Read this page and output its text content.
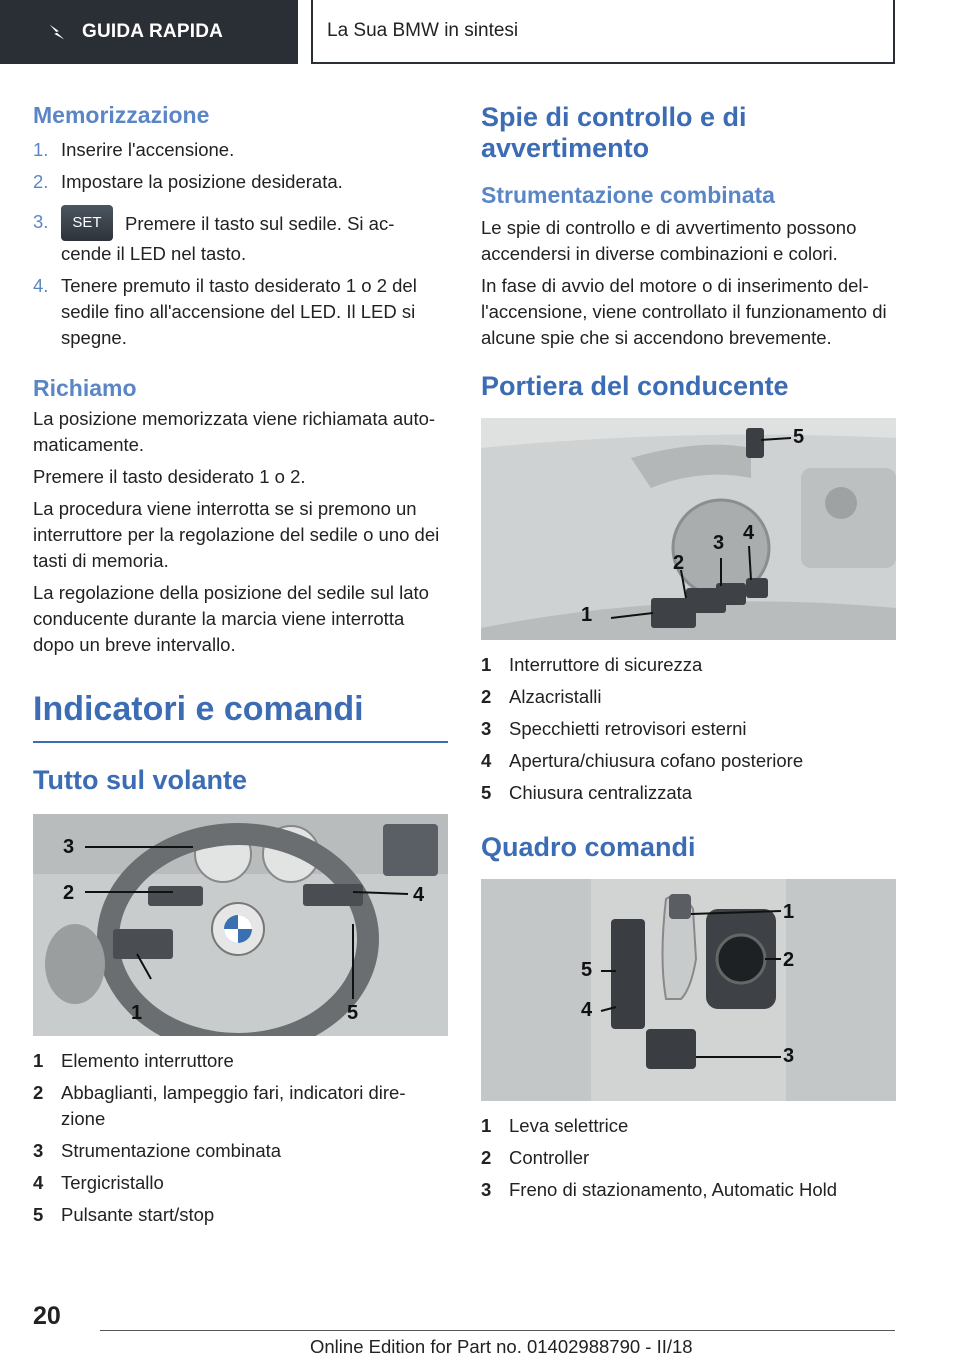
GUIDA RAPIDA	La Sua BMW in sintesi
Memorizzazione
1. Inserire l'accensione.
2. Impostare la posizione desiderata.
3.	SET Premere il tasto sul sedile. Si ac- cende il LED nel tasto.
4. Tenere premuto il tasto desiderato 1 o 2 del sedile fino all'accensione del LED. Il LED si spegne.
Richiamo

La posizione memorizzata viene richiamata auto- maticamente.

Premere il tasto desiderato 1 o 2.

La procedura viene interrotta se si premono un interruttore per la regolazione del sedile o uno dei tasti di memoria.

La regolazione della posizione del sedile sul lato conducente durante la marcia viene interrotta dopo un breve intervallo.

Indicatori e comandi
Tutto sul volante
3
2
1
4
5
1 Elemento interruttore
2 Abbaglianti, lampeggio fari, indicatori dire- zione
3 Strumentazione combinata
4 Tergicristallo
5 Pulsante start/stop
Spie di controllo e di avvertimento
Strumentazione combinata

Le spie di controllo e di avvertimento possono accendersi in diverse combinazioni e colori.

In fase di avvio del motore o di inserimento del- l'accensione, viene controllato il funzionamento di alcune spie che si accendono brevemente.

Portiera del conducente
1
2
3 4
5
1 Interruttore di sicurezza
2 Alzacristalli
3 Specchietti retrovisori esterni
4 Apertura/chiusura cofano posteriore
5 Chiusura centralizzata
Quadro comandi
1
2
3
4
5
1 Leva selettrice
2 Controller
3 Freno di stazionamento, Automatic Hold
20
Online Edition for Part no. 01402988790 - II/18
